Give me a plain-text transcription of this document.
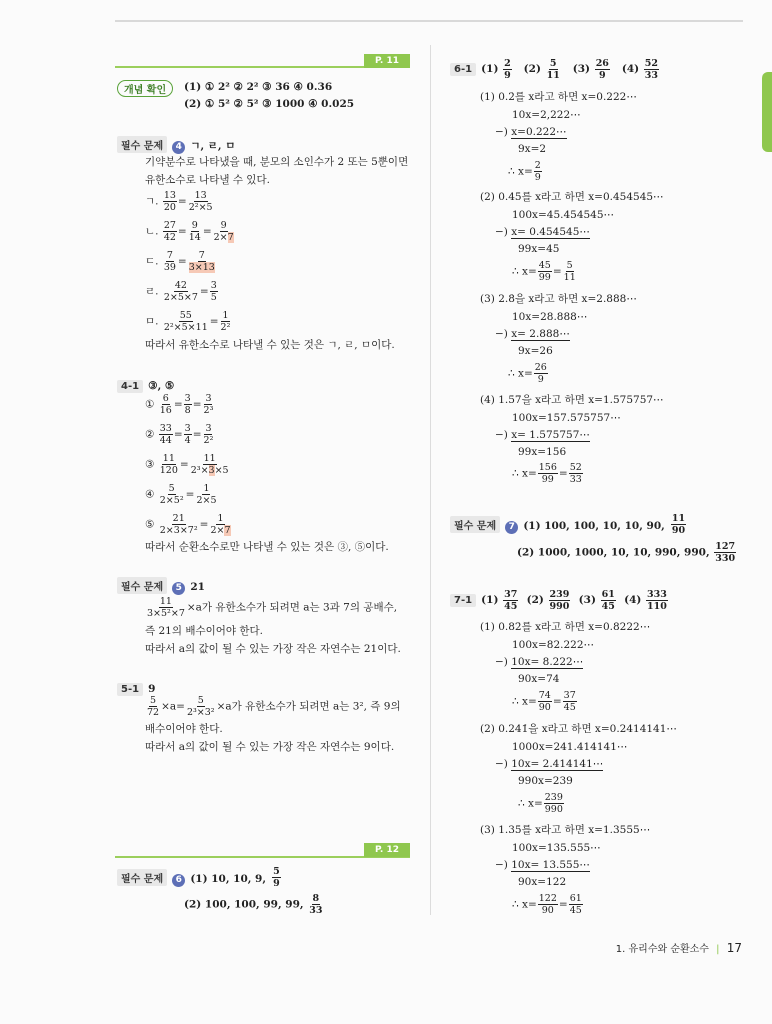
P. 11
개념 확인	(1) ① 2² ② 2² ③ 36 ④ 0.36
(2) ① 5² ② 5² ③ 1000 ④ 0.025
필수 문제 4 ㄱ, ㄹ, ㅁ
기약분수로 나타냈을 때, 분모의 소인수가 2 또는 5뿐이면
유한소수로 나타낼 수 있다.
ㄱ. $\frac{13}{20} = \frac{13}{\text{2²×5}}$
ㄴ. $\frac{27}{42} = \frac{9}{14} = \frac{9}{2\times 7}$
ㄷ. $\frac{7}{39} = \frac{7}{3\times 13}$
ㄹ. $\frac{42}{2\times 5\times 7} = \frac{3}{5}$
ㅁ. $\frac{55}{\text{2²×5×11}} = \frac{1}{\text{2²}}$
따라서 유한소수로 나타낼 수 있는 것은 ㄱ, ㄹ, ㅁ이다.
4-1 ③, ⑤
① $\frac{6}{16} = \frac{3}{8} = \frac{3}{\text{2³}}$
② $\frac{33}{44} = \frac{3}{4} = \frac{3}{\text{2²}}$
③ $\frac{11}{120} = \frac{11}{\text{2³×3×5}}$
④ $\frac{5}{\text{2×5²}} = \frac{1}{2\times 5}$
⑤ $\frac{21}{\text{2×3×7²}} = \frac{1}{2\times 7}$
따라서 순환소수로만 나타낼 수 있는 것은 ③, ⑤이다.
필수 문제 5 21
$\frac{11}{\text{3×5²×7}} \times a$가 유한소수가 되려면 a는 3과 7의 공배수,
즉 21의 배수이어야 한다.
따라서 a의 값이 될 수 있는 가장 작은 자연수는 21이다.
5-1 9
$\frac{5}{72} \times a= \frac{5}{\text{2³×3²}} \times a$가 유한소수가 되려면 a는 3², 즉 9의
배수이어야 한다.
따라서 a의 값이 될 수 있는 가장 작은 자연수는 9이다.
P. 12
필수 문제 6 (1) 10, 10, 9, $\frac{5}{9}$
(2) 100, 100, 99, 99, $\frac{8}{33}$
6-1 $(1) \frac{2}{9} (2) \frac{5}{11} (3) \frac{26}{9} (4) \frac{52}{33}$
(1) 0.2̇를 x라고 하면 x=0.222⋯
10x=2,222⋯
−) x=0.222⋯
9x=2
∴ $x= \frac{2}{9}$
(2) 0.4̇5̇를 x라고 하면 x=0.454545⋯
100x=45.454545⋯
−) x= 0.454545⋯
99x=45
∴ $x= \frac{45}{99} = \frac{5}{11}$
(3) 2.8̇을 x라고 하면 x=2.888⋯
10x=28.888⋯
−) x= 2.888⋯
9x=26
∴ $x= \frac{26}{9}$
(4) 1.5̇7̇을 x라고 하면 x=1.575757⋯
100x=157.575757⋯
−) x= 1.575757⋯
99x=156
∴ $x= \frac{156}{99} = \frac{52}{33}$
필수 문제 7 (1) 100, 100, 10, 10, 90, $\frac{11}{90}$
(2) 1000, 1000, 10, 10, 990, 990, $\frac{127}{330}$
7-1 $(1) \frac{37}{45} (2) \frac{239}{990} (3) \frac{61}{45} (4) \frac{333}{110}$
(1) 0.82̇를 x라고 하면 x=0.8222⋯
100x=82.222⋯
−) 10x= 8.222⋯
90x=74
∴ $x= \frac{74}{90} = \frac{37}{45}$
(2) 0.24̇1̇을 x라고 하면 x=0.2414141⋯
1000x=241.414141⋯
−) 10x= 2.414141⋯
990x=239
∴ $x= \frac{239}{990}$
(3) 1.35̇를 x라고 하면 x=1.3555⋯
100x=135.555⋯
−) 10x= 13.555⋯
90x=122
∴ $x= \frac{122}{90} = \frac{61}{45}$
1. 유리수와 순환소수 | 17
